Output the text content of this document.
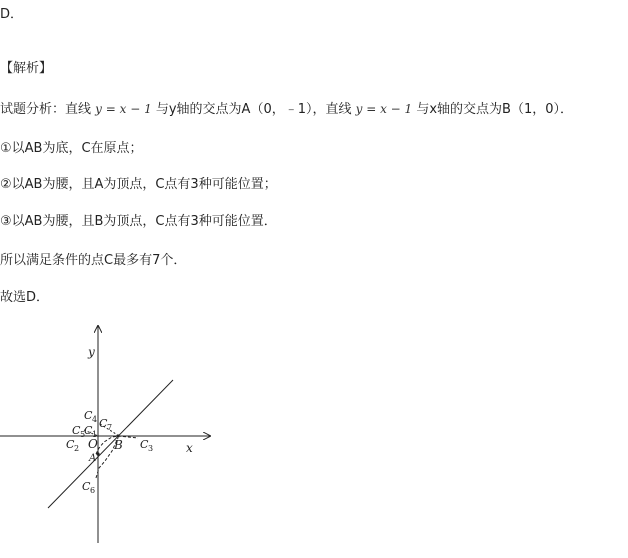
D．
【解析】
试题分析：直线 y = x − 1 与y轴的交点为A（0，﹣1），直线 y = x − 1 与x轴的交点为B（1，0）．
①以AB为底，C在原点；
②以AB为腰，且A为顶点，C点有3种可能位置；
③以AB为腰，且B为顶点，C点有3种可能位置．
所以满足条件的点C最多有7个．
故选D．
y
x
O
A
B
C 4 C 7
C 5
C 1
C 2	C 3
C 6
